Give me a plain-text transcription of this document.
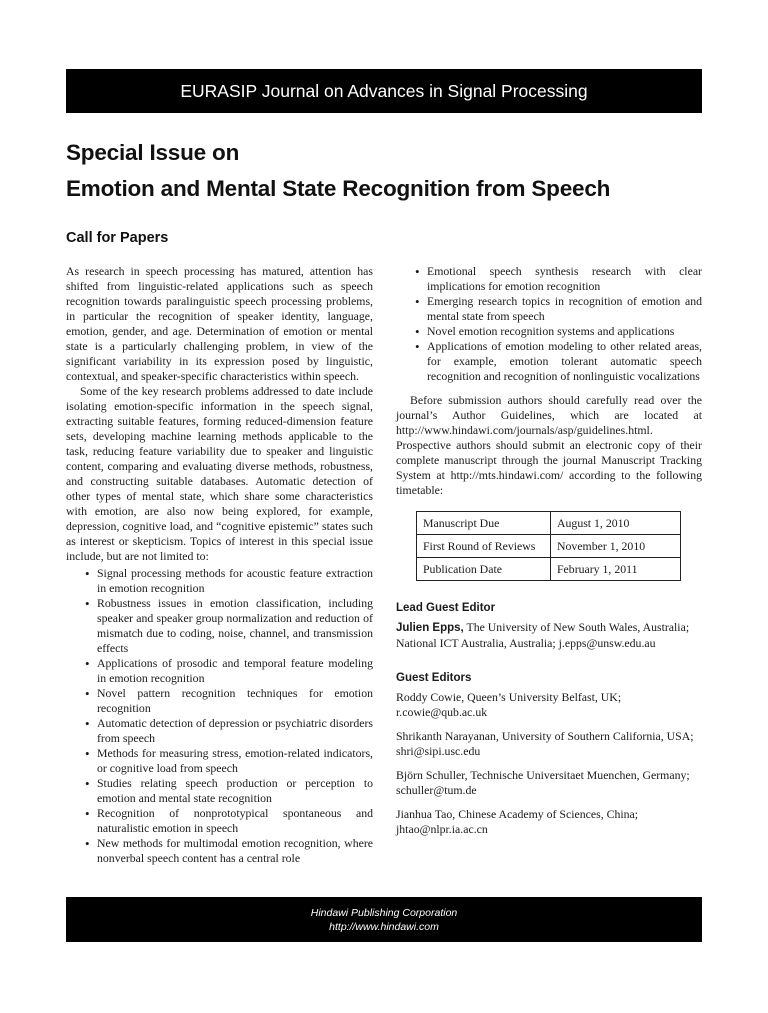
EURASIP Journal on Advances in Signal Processing
Special Issue on
Emotion and Mental State Recognition from Speech
Call for Papers

As research in speech processing has matured, attention has shifted from linguistic-related applications such as speech recognition towards paralinguistic speech processing problems, in particular the recognition of speaker identity, language, emotion, gender, and age. Determination of emotion or mental state is a particularly challenging problem, in view of the significant variability in its expression posed by linguistic, contextual, and speaker-specific characteristics within speech.

Some of the key research problems addressed to date include isolating emotion-specific information in the speech signal, extracting suitable features, forming reduced-dimension feature sets, developing machine learning methods applicable to the task, reducing feature variability due to speaker and linguistic content, comparing and evaluating diverse methods, robustness, and constructing suitable databases. Automatic detection of other types of mental state, which share some characteristics with emotion, are also now being explored, for example, depression, cognitive load, and “cognitive epistemic” states such as interest or skepticism. Topics of interest in this special issue include, but are not limited to:

• Signal processing methods for acoustic feature extraction in emotion recognition
• Robustness issues in emotion classification, including speaker and speaker group normalization and reduction of mismatch due to coding, noise, channel, and transmission effects
• Applications of prosodic and temporal feature modeling in emotion recognition
• Novel pattern recognition techniques for emotion recognition
• Automatic detection of depression or psychiatric disorders from speech
• Methods for measuring stress, emotion-related indicators, or cognitive load from speech
• Studies relating speech production or perception to emotion and mental state recognition
• Recognition of nonprototypical spontaneous and naturalistic emotion in speech
• New methods for multimodal emotion recognition, where nonverbal speech content has a central role
• Emotional speech synthesis research with clear implications for emotion recognition
• Emerging research topics in recognition of emotion and mental state from speech
• Novel emotion recognition systems and applications
• Applications of emotion modeling to other related areas, for example, emotion tolerant automatic speech recognition and recognition of nonlinguistic vocalizations

Before submission authors should carefully read over the journal’s Author Guidelines, which are located at http://www.hindawi.com/journals/asp/guidelines.html. Prospective authors should submit an electronic copy of their complete manuscript through the journal Manuscript Tracking System at http://mts.hindawi.com/ according to the following timetable:

Manuscript Due	August 1, 2010
First Round of Reviews	November 1, 2010
Publication Date	February 1, 2011
Lead Guest Editor
Julien Epps, The University of New South Wales, Australia; National ICT Australia, Australia; j.epps@unsw.edu.au
Guest Editors
Roddy Cowie, Queen’s University Belfast, UK; r.cowie@qub.ac.uk
Shrikanth Narayanan, University of Southern California, USA; shri@sipi.usc.edu
Björn Schuller, Technische Universitaet Muenchen, Germany; schuller@tum.de
Jianhua Tao, Chinese Academy of Sciences, China; jhtao@nlpr.ia.ac.cn
Hindawi Publishing Corporation
http://www.hindawi.com
